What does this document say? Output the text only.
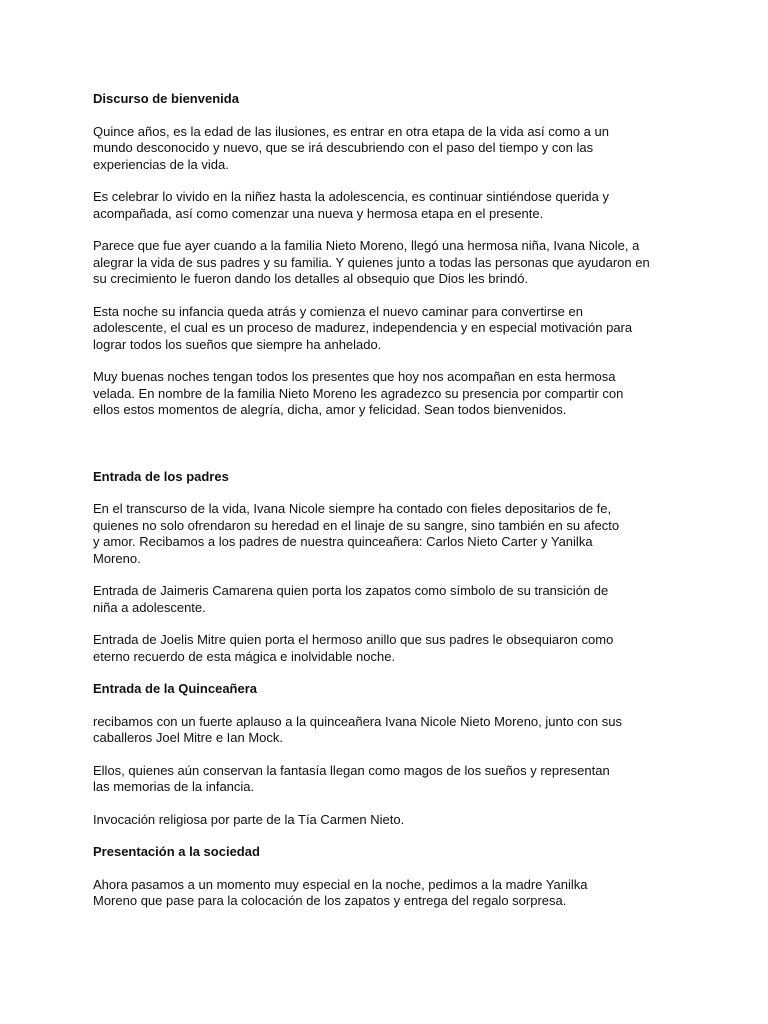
Discurso de bienvenida

Quince años, es la edad de las ilusiones, es entrar en otra etapa de la vida así como a un
mundo desconocido y nuevo, que se irá descubriendo con el paso del tiempo y con las
experiencias de la vida.

Es celebrar lo vivido en la niñez hasta la adolescencia, es continuar sintiéndose querida y
acompañada, así como comenzar una nueva y hermosa etapa en el presente.

Parece que fue ayer cuando a la familia Nieto Moreno, llegó una hermosa niña, Ivana Nicole, a
alegrar la vida de sus padres y su familia. Y quienes junto a todas las personas que ayudaron en
su crecimiento le fueron dando los detalles al obsequio que Dios les brindó.

Esta noche su infancia queda atrás y comienza el nuevo caminar para convertirse en
adolescente, el cual es un proceso de madurez, independencia y en especial motivación para
lograr todos los sueños que siempre ha anhelado.

Muy buenas noches tengan todos los presentes que hoy nos acompañan en esta hermosa
velada. En nombre de la familia Nieto Moreno les agradezco su presencia por compartir con
ellos estos momentos de alegría, dicha, amor y felicidad. Sean todos bienvenidos.

Entrada de los padres

En el transcurso de la vida, Ivana Nicole siempre ha contado con fieles depositarios de fe,
quienes no solo ofrendaron su heredad en el linaje de su sangre, sino también en su afecto
y amor. Recibamos a los padres de nuestra quinceañera: Carlos Nieto Carter y Yanilka
Moreno.

Entrada de Jaimeris Camarena quien porta los zapatos como símbolo de su transición de
niña a adolescente.

Entrada de Joelis Mitre quien porta el hermoso anillo que sus padres le obsequiaron como
eterno recuerdo de esta mágica e inolvidable noche.

Entrada de la Quinceañera

recibamos con un fuerte aplauso a la quinceañera Ivana Nicole Nieto Moreno, junto con sus
caballeros Joel Mitre e Ian Mock.

Ellos, quienes aún conservan la fantasía llegan como magos de los sueños y representan
las memorias de la infancia.

Invocación religiosa por parte de la Tía Carmen Nieto.

Presentación a la sociedad

Ahora pasamos a un momento muy especial en la noche, pedimos a la madre Yanilka
Moreno que pase para la colocación de los zapatos y entrega del regalo sorpresa.
